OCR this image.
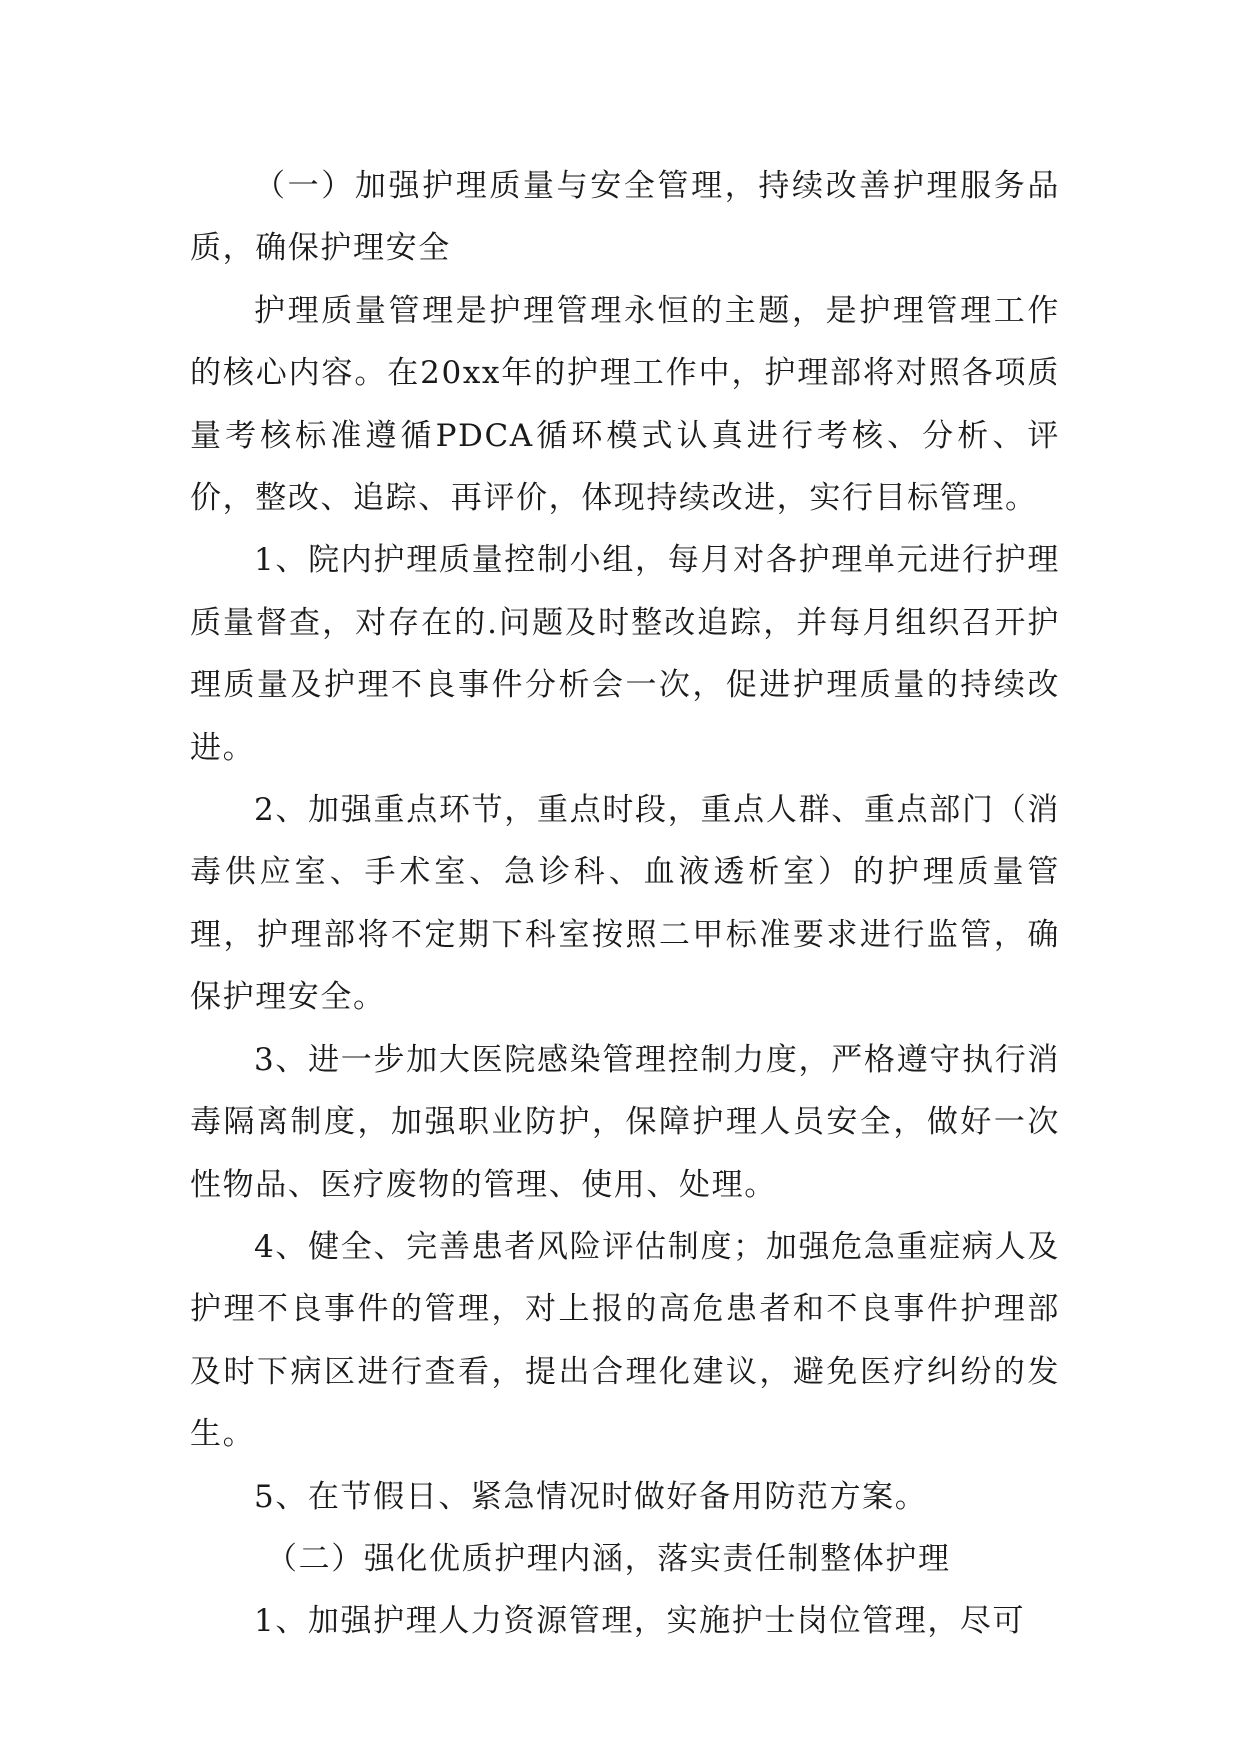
（一）加强护理质量与安全管理，持续改善护理服务品质，确保护理安全

护理质量管理是护理管理永恒的主题，是护理管理工作的核心内容。在20xx年的护理工作中，护理部将对照各项质量考核标准遵循PDCA循环模式认真进行考核、分析、评价，整改、追踪、再评价，体现持续改进，实行目标管理。

1、院内护理质量控制小组，每月对各护理单元进行护理质量督查，对存在的.问题及时整改追踪，并每月组织召开护理质量及护理不良事件分析会一次，促进护理质量的持续改进。

2、加强重点环节，重点时段，重点人群、重点部门（消毒供应室、手术室、急诊科、血液透析室）的护理质量管理，护理部将不定期下科室按照二甲标准要求进行监管，确保护理安全。

3、进一步加大医院感染管理控制力度，严格遵守执行消毒隔离制度，加强职业防护，保障护理人员安全，做好一次性物品、医疗废物的管理、使用、处理。

4、健全、完善患者风险评估制度；加强危急重症病人及护理不良事件的管理，对上报的高危患者和不良事件护理部及时下病区进行查看，提出合理化建议，避免医疗纠纷的发生。

5、在节假日、紧急情况时做好备用防范方案。

（二）强化优质护理内涵，落实责任制整体护理

1、加强护理人力资源管理，实施护士岗位管理，尽可
